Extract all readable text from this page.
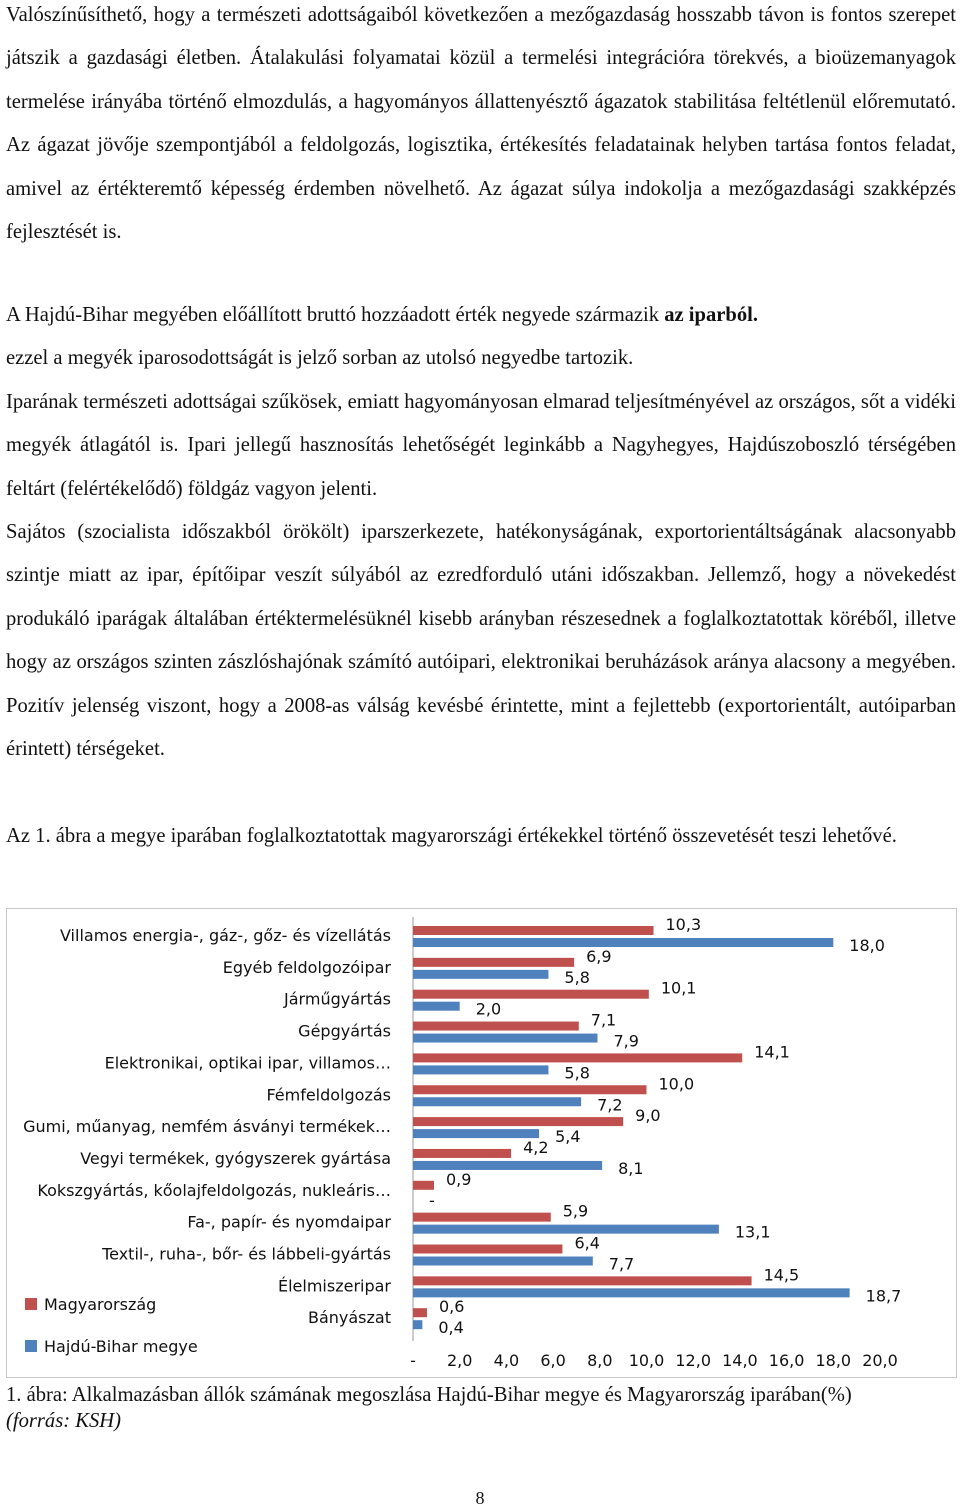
Valószínűsíthető, hogy a természeti adottságaiból következően a mezőgazdaság hosszabb távon is fontos szerepet játszik a gazdasági életben. Átalakulási folyamatai közül a termelési integrációra törekvés, a bioüzemanyagok termelése irányába történő elmozdulás, a hagyományos állattenyésztő ágazatok stabilitása feltétlenül előremutató. Az ágazat jövője szempontjából a feldolgozás, logisztika, értékesítés feladatainak helyben tartása fontos feladat, amivel az értékteremtő képesség érdemben növelhető. Az ágazat súlya indokolja a mezőgazdasági szakképzés fejlesztését is.
A Hajdú-Bihar megyében előállított bruttó hozzáadott érték negyede származik az iparból.
ezzel a megyék iparosodottságát is jelző sorban az utolsó negyedbe tartozik.
Iparának természeti adottságai szűkösek, emiatt hagyományosan elmarad teljesítményével az országos, sőt a vidéki megyék átlagától is. Ipari jellegű hasznosítás lehetőségét leginkább a Nagyhegyes, Hajdúszoboszló térségében feltárt (felértékelődő) földgáz vagyon jelenti.
Sajátos (szocialista időszakból örökölt) iparszerkezete, hatékonyságának, exportorientáltságának alacsonyabb szintje miatt az ipar, építőipar veszít súlyából az ezredforduló utáni időszakban. Jellemző, hogy a növekedést produkáló iparágak általában értéktermelésüknél kisebb arányban részesednek a foglalkoztatottak köréből, illetve hogy az országos szinten zászlóshajónak számító autóipari, elektronikai beruházások aránya alacsony a megyében. Pozitív jelenség viszont, hogy a 2008-as válság kevésbé érintette, mint a fejlettebb (exportorientált, autóiparban érintett) térségeket.
Az 1. ábra a megye iparában foglalkoztatottak magyarországi értékekkel történő összevetését teszi lehetővé.
Villamos energia-, gáz-, gőz- és vízellátás
10,3
18,0
Egyéb feldolgozóipar
6,9
5,8
Járműgyártás
10,1
2,0
Gépgyártás
7,1
7,9
Elektronikai, optikai ipar, villamos…
14,1
5,8
Fémfeldolgozás
10,0
7,2
Gumi, műanyag, nemfém ásványi termékek…
9,0
5,4
Vegyi termékek, gyógyszerek gyártása
4,2
8,1
Kokszgyártás, kőolajfeldolgozás, nukleáris…
0,9
-
Fa-, papír- és nyomdaipar
5,9
13,1
Textil-, ruha-, bőr- és lábbeli-gyártás
6,4
7,7
Élelmiszeripar
14,5
18,7
Bányászat
0,6
0,4
- 2,0 4,0 6,0 8,0 10,0 12,0 14,0 16,0 18,0 20,0
Magyarország
Hajdú-Bihar megye
1. ábra: Alkalmazásban állók számának megoszlása Hajdú-Bihar megye és Magyarország iparában(%)
(forrás: KSH)
8
